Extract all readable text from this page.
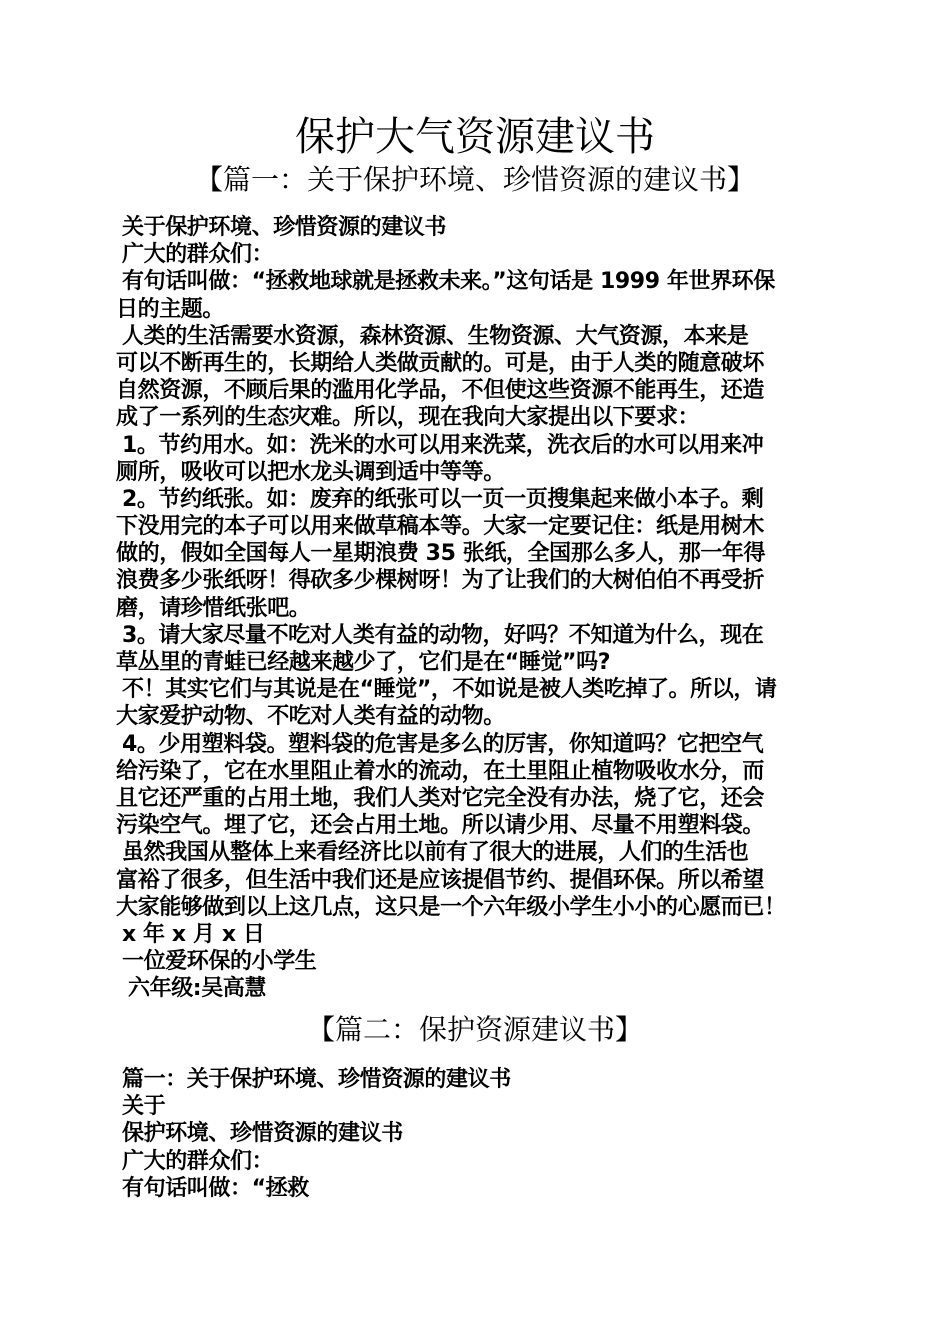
保护大气资源建议书
【篇一：关于保护环境、珍惜资源的建议书】

关于保护环境、珍惜资源的建议书

广大的群众们：

有句话叫做：“拯救地球就是拯救未来。”这句话是 1999 年世界环保

日的主题。

人类的生活需要水资源，森林资源、生物资源、大气资源，本来是

可以不断再生的，长期给人类做贡献的。可是，由于人类的随意破坏

自然资源，不顾后果的滥用化学品，不但使这些资源不能再生，还造

成了一系列的生态灾难。所以，现在我向大家提出以下要求：

1。节约用水。如：洗米的水可以用来洗菜，洗衣后的水可以用来冲

厕所，吸收可以把水龙头调到适中等等。

2。节约纸张。如：废弃的纸张可以一页一页搜集起来做小本子。剩

下没用完的本子可以用来做草稿本等。大家一定要记住：纸是用树木

做的，假如全国每人一星期浪费 35 张纸，全国那么多人，那一年得

浪费多少张纸呀！得砍多少棵树呀！为了让我们的大树伯伯不再受折

磨，请珍惜纸张吧。

3。请大家尽量不吃对人类有益的动物，好吗？不知道为什么，现在

草丛里的青蛙已经越来越少了，它们是在“睡觉”吗?

不！其实它们与其说是在“睡觉”，不如说是被人类吃掉了。所以，请

大家爱护动物、不吃对人类有益的动物。

4。少用塑料袋。塑料袋的危害是多么的厉害，你知道吗？它把空气

给污染了，它在水里阻止着水的流动，在土里阻止植物吸收水分，而

且它还严重的占用土地，我们人类对它完全没有办法，烧了它，还会

污染空气。埋了它，还会占用土地。所以请少用、尽量不用塑料袋。

虽然我国从整体上来看经济比以前有了很大的进展，人们的生活也

富裕了很多，但生活中我们还是应该提倡节约、提倡环保。所以希望

大家能够做到以上这几点，这只是一个六年级小学生小小的心愿而已！

x 年 x 月 x 日

一位爱环保的小学生

六年级:吴高慧

【篇二：保护资源建议书】

篇一：关于保护环境、珍惜资源的建议书

关于

保护环境、珍惜资源的建议书

广大的群众们：

有句话叫做：“拯救
